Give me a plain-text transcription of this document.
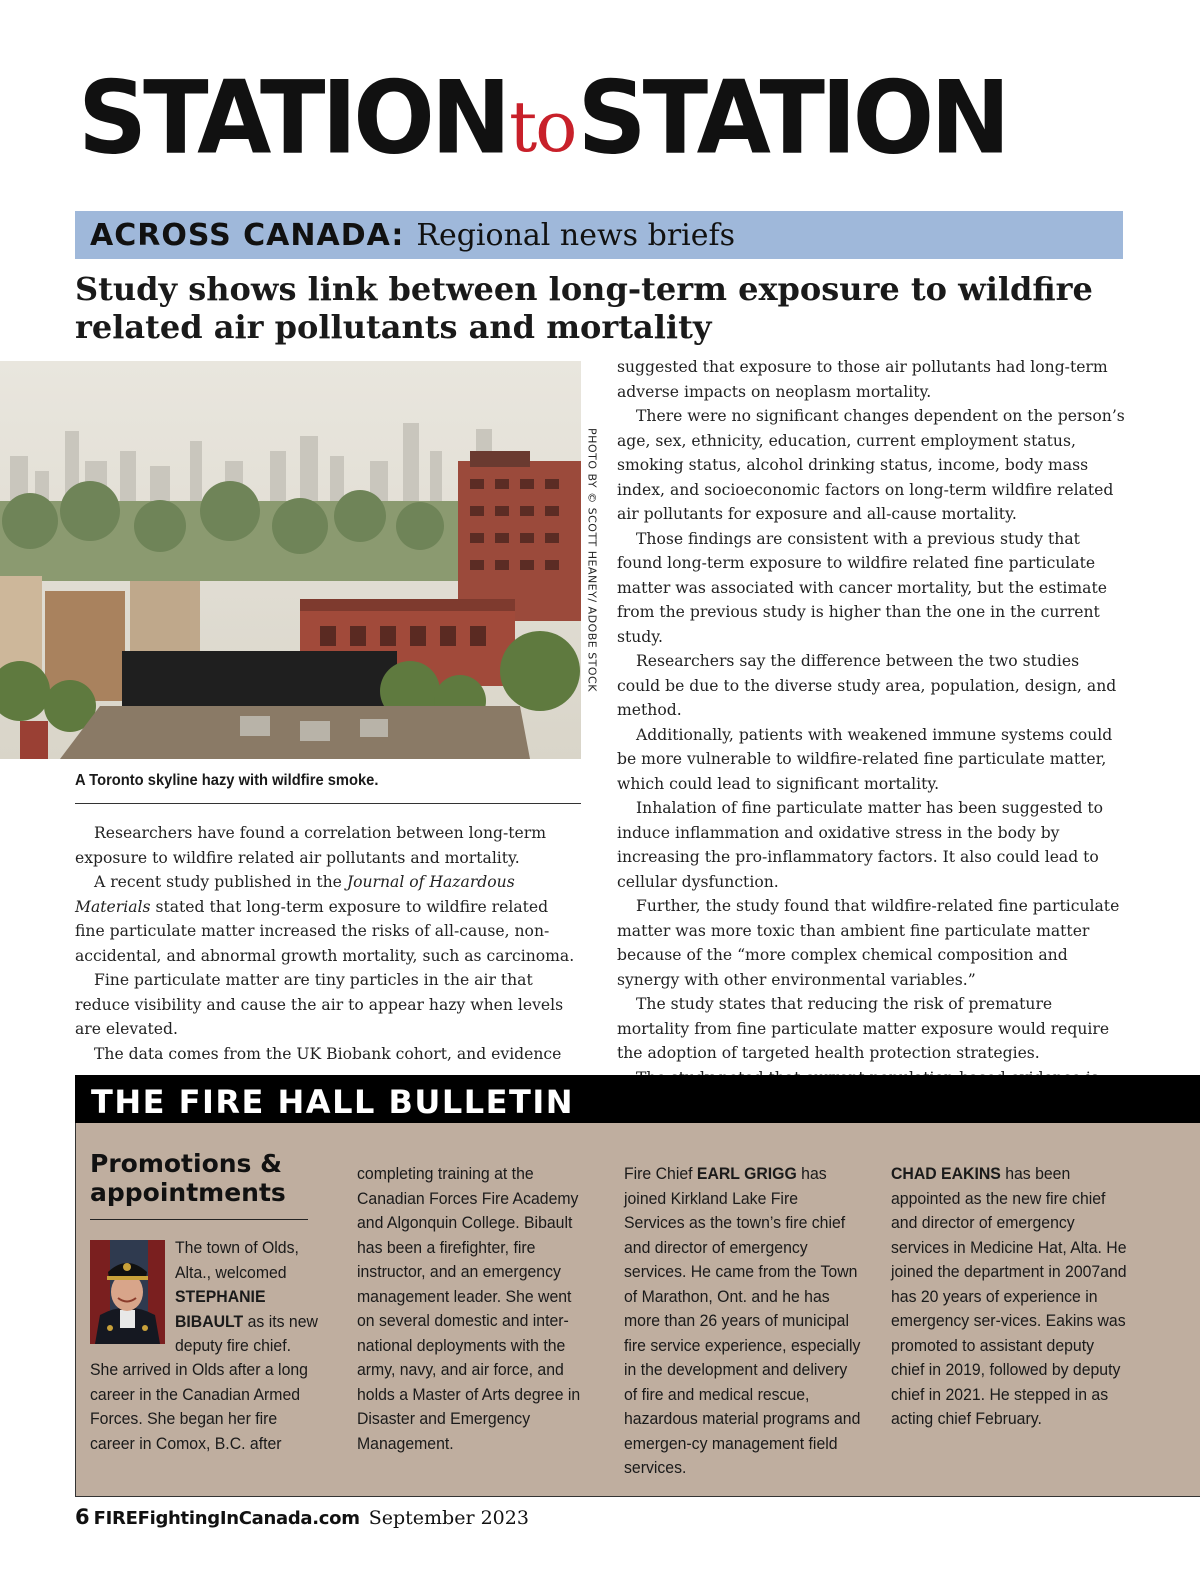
STATIONtoSTATION
ACROSS CANADA: Regional news briefs
Study shows link between long-term exposure to wildfire related air pollutants and mortality
PHOTO BY © SCOTT HEANEY/ ADOBE STOCK
A Toronto skyline hazy with wildfire smoke.

Researchers have found a correlation between long-term exposure to wildfire related air pollutants and mortality.

A recent study published in the Journal of Hazardous Materials stated that long-term exposure to wildfire related fine particulate matter increased the risks of all-cause, non-accidental, and abnormal growth mortality, such as carcinoma.

Fine particulate matter are tiny particles in the air that reduce visibility and cause the air to appear hazy when levels are elevated.

The data comes from the UK Biobank cohort, and evidence

suggested that exposure to those air pollutants had long-term adverse impacts on neoplasm mortality.

There were no significant changes dependent on the person’s age, sex, ethnicity, education, current employment status, smoking status, alcohol drinking status, income, body mass index, and socioeconomic factors on long-term wildfire related air pollutants for exposure and all-cause mortality.

Those findings are consistent with a previous study that found long-term exposure to wildfire related fine particulate matter was associated with cancer mortality, but the estimate from the previous study is higher than the one in the current study.

Researchers say the difference between the two studies could be due to the diverse study area, population, design, and method.

Additionally, patients with weakened immune systems could be more vulnerable to wildfire-related fine particulate matter, which could lead to significant mortality.

Inhalation of fine particulate matter has been suggested to induce inflammation and oxidative stress in the body by increasing the pro-inflammatory factors. It also could lead to cellular dysfunction.

Further, the study found that wildfire-related fine particulate matter was more toxic than ambient fine particulate matter because of the “more complex chemical composition and synergy with other environmental variables.”

The study states that reducing the risk of premature mortality from fine particulate matter exposure would require the adoption of targeted health protection strategies.

THE FIRE HALL BULLETIN
Promotions & appointments
The town of Olds, Alta., welcomed STEPHANIE BIBAULT as its new deputy fire chief.
She arrived in Olds after a long career in the Canadian Armed Forces. She began her fire career in Comox, B.C. after
completing training at the Canadian Forces Fire Academy and Algonquin College. Bibault has been a firefighter, fire instructor, and an emergency management leader. She went on several domestic and inter-national deployments with the army, navy, and air force, and holds a Master of Arts degree in Disaster and Emergency Management.
Fire Chief EARL GRIGG has joined Kirkland Lake Fire Services as the town’s fire chief and director of emergency services. He came from the Town of Marathon, Ont. and he has more than 26 years of municipal fire service experience, especially in the development and delivery of fire and medical rescue, hazardous material programs and emergen-cy management field services.
CHAD EAKINS has been appointed as the new fire chief and director of emergency services in Medicine Hat, Alta. He joined the department in 2007and has 20 years of experience in emergency ser-vices. Eakins was promoted to assistant deputy chief in 2019, followed by deputy chief in 2021. He stepped in as acting chief February.
6 FIREFightingInCanada.com September 2023
